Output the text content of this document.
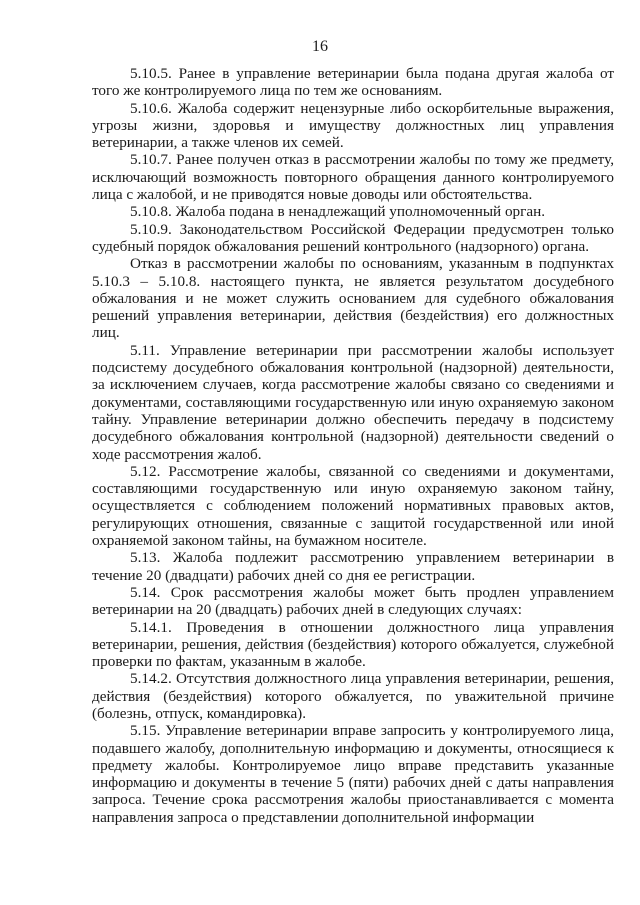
16

5.10.5. Ранее в управление ветеринарии была подана другая жалоба от того же контролируемого лица по тем же основаниям.

5.10.6. Жалоба содержит нецензурные либо оскорбительные выражения, угрозы жизни, здоровья и имуществу должностных лиц управления ветеринарии, а также членов их семей.

5.10.7. Ранее получен отказ в рассмотрении жалобы по тому же предмету, исключающий возможность повторного обращения данного контролируемого лица с жалобой, и не приводятся новые доводы или обстоятельства.

5.10.8. Жалоба подана в ненадлежащий уполномоченный орган.

5.10.9. Законодательством Российской Федерации предусмотрен только судебный порядок обжалования решений контрольного (надзорного) органа.

Отказ в рассмотрении жалобы по основаниям, указанным в подпунктах 5.10.3 – 5.10.8. настоящего пункта, не является результатом досудебного обжалования и не может служить основанием для судебного обжалования решений управления ветеринарии, действия (бездействия) его должностных лиц.

5.11. Управление ветеринарии при рассмотрении жалобы использует подсистему досудебного обжалования контрольной (надзорной) деятельности, за исключением случаев, когда рассмотрение жалобы связано со сведениями и документами, составляющими государственную или иную охраняемую законом тайну. Управление ветеринарии должно обеспечить передачу в подсистему досудебного обжалования контрольной (надзорной) деятельности сведений о ходе рассмотрения жалоб.

5.12. Рассмотрение жалобы, связанной со сведениями и документами, составляющими государственную или иную охраняемую законом тайну, осуществляется с соблюдением положений нормативных правовых актов, регулирующих отношения, связанные с защитой государственной или иной охраняемой законом тайны, на бумажном носителе.

5.13. Жалоба подлежит рассмотрению управлением ветеринарии в течение 20 (двадцати) рабочих дней со дня ее регистрации.

5.14. Срок рассмотрения жалобы может быть продлен управлением ветеринарии на 20 (двадцать) рабочих дней в следующих случаях:

5.14.1. Проведения в отношении должностного лица управления ветеринарии, решения, действия (бездействия) которого обжалуется, служебной проверки по фактам, указанным в жалобе.

5.14.2. Отсутствия должностного лица управления ветеринарии, решения, действия (бездействия) которого обжалуется, по уважительной причине (болезнь, отпуск, командировка).

5.15. Управление ветеринарии вправе запросить у контролируемого лица, подавшего жалобу, дополнительную информацию и документы, относящиеся к предмету жалобы. Контролируемое лицо вправе представить указанные информацию и документы в течение 5 (пяти) рабочих дней с даты направления запроса. Течение срока рассмотрения жалобы приостанавливается с момента направления запроса о представлении дополнительной информации
